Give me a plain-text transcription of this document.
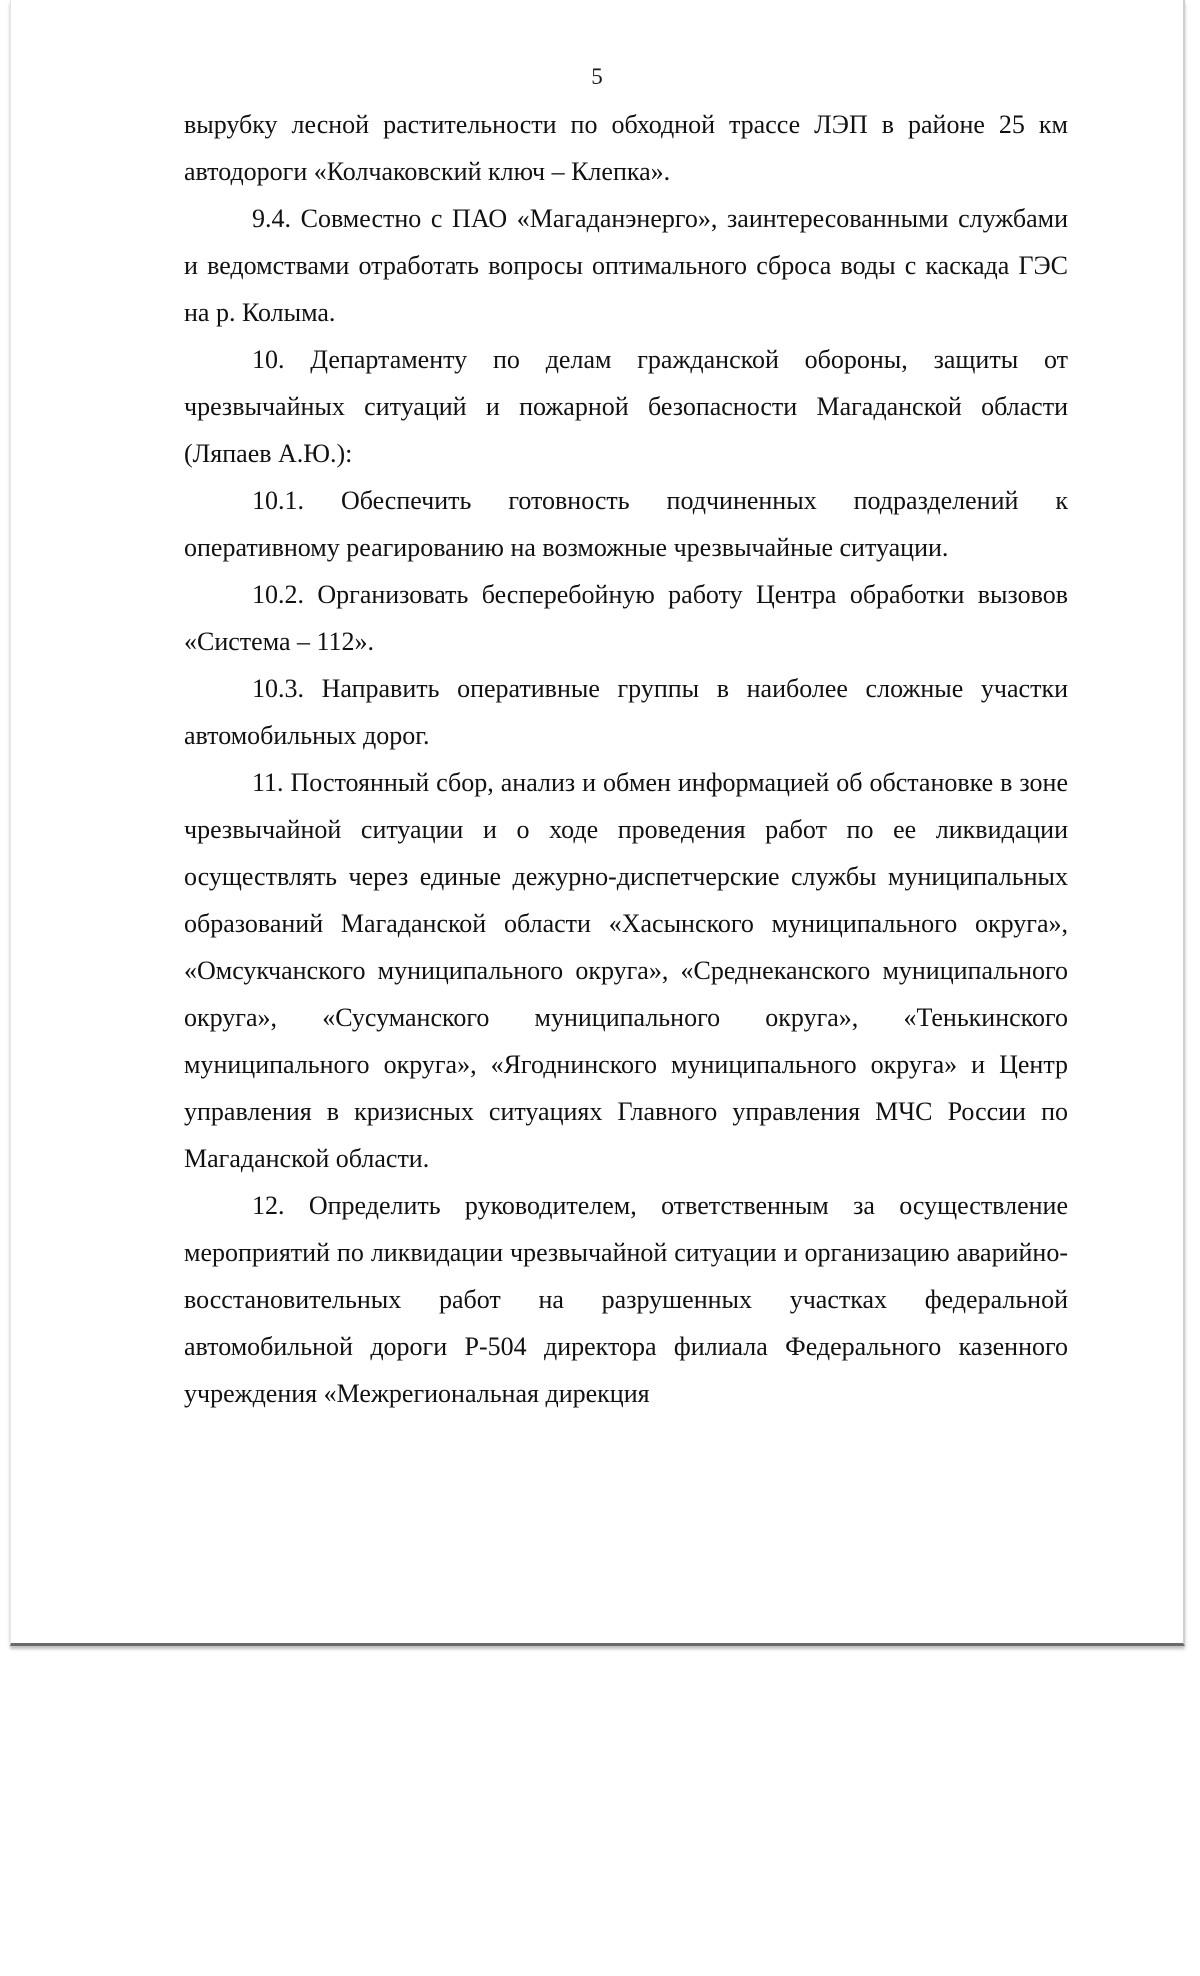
5

вырубку лесной растительности по обходной трассе ЛЭП в районе 25 км автодороги «Колчаковский ключ – Клепка».

9.4. Совместно с ПАО «Магаданэнерго», заинтересованными службами и ведомствами отработать вопросы оптимального сброса воды с каскада ГЭС на р. Колыма.

10. Департаменту по делам гражданской обороны, защиты от чрезвычайных ситуаций и пожарной безопасности Магаданской области (Ляпаев А.Ю.):

10.1. Обеспечить готовность подчиненных подразделений к оперативному реагированию на возможные чрезвычайные ситуации.

10.2. Организовать бесперебойную работу Центра обработки вызовов «Система – 112».

10.3. Направить оперативные группы в наиболее сложные участки автомобильных дорог.

11. Постоянный сбор, анализ и обмен информацией об обстановке в зоне чрезвычайной ситуации и о ходе проведения работ по ее ликвидации осуществлять через единые дежурно-диспетчерские службы муниципальных образований Магаданской области «Хасынского муниципального округа», «Омсукчанского муниципального округа», «Среднеканского муниципального округа», «Сусуманского муниципального округа», «Тенькинского муниципального округа», «Ягоднинского муниципального округа» и Центр управления в кризисных ситуациях Главного управления МЧС России по Магаданской области.

12. Определить руководителем, ответственным за осуществление мероприятий по ликвидации чрезвычайной ситуации и организацию аварийно-восстановительных работ на разрушенных участках федеральной автомобильной дороги Р-504 директора филиала Федерального казенного учреждения «Межрегиональная дирекция
